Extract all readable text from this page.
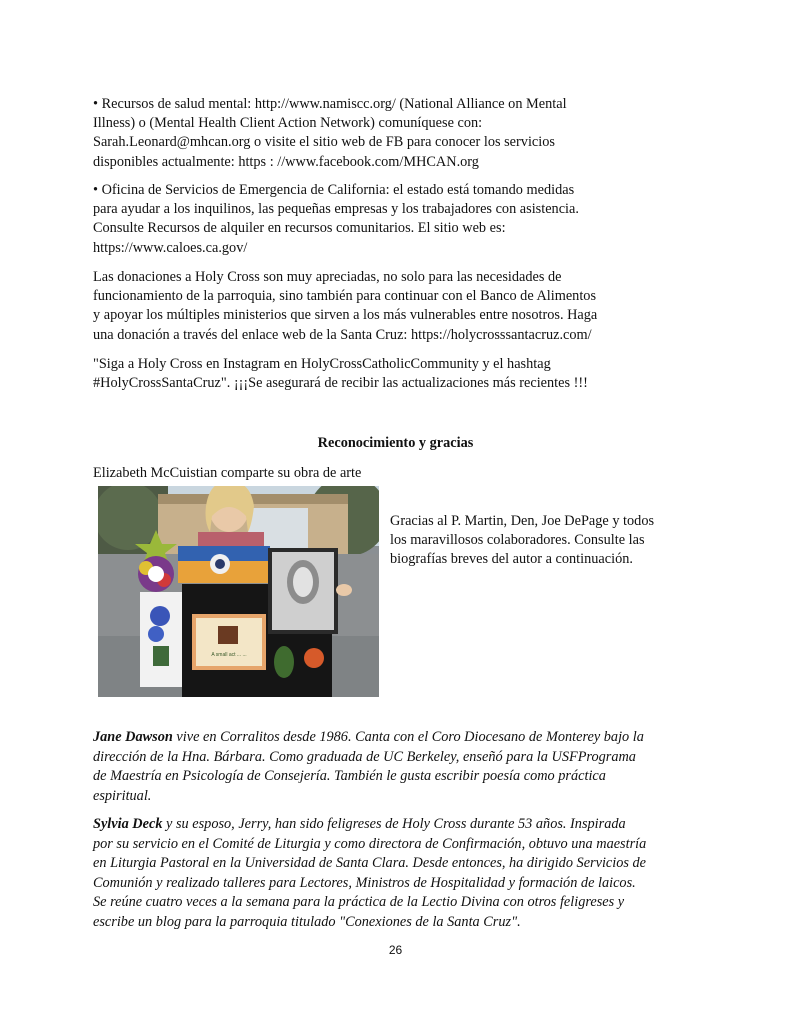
• Recursos de salud mental: http://www.namiscc.org/ (National Alliance on Mental

Illness) o (Mental Health Client Action Network) comuníquese con:

Sarah.Leonard@mhcan.org o visite el sitio web de FB para conocer los servicios

disponibles actualmente: https : //www.facebook.com/MHCAN.org

• Oficina de Servicios de Emergencia de California: el estado está tomando medidas

para ayudar a los inquilinos, las pequeñas empresas y los trabajadores con asistencia.

Consulte Recursos de alquiler en recursos comunitarios. El sitio web es:

https://www.caloes.ca.gov/

Las donaciones a Holy Cross son muy apreciadas, no solo para las necesidades de

funcionamiento de la parroquia, sino también para continuar con el Banco de Alimentos

y apoyar los múltiples ministerios que sirven a los más vulnerables entre nosotros. Haga

una donación a través del enlace web de la Santa Cruz: https://holycrosssantacruz.com/

"Siga a Holy Cross en Instagram en HolyCrossCatholicCommunity y el hashtag

#HolyCrossSantaCruz". ¡¡¡Se asegurará de recibir las actualizaciones más recientes !!!

Reconocimiento y gracias
Elizabeth McCuistian comparte su obra de arte
A small act ... ...

Gracias al P. Martin, Den, Joe DePage y todos

los maravillosos colaboradores. Consulte las

biografías breves del autor a continuación.

Jane Dawson vive en Corralitos desde 1986. Canta con el Coro Diocesano de Monterey bajo la
dirección de la Hna. Bárbara. Como graduada de UC Berkeley, enseñó para la USFPrograma
de Maestría en Psicología de Consejería. También le gusta escribir poesía como práctica
espiritual.
Sylvia Deck y su esposo, Jerry, han sido feligreses de Holy Cross durante 53 años. Inspirada
por su servicio en el Comité de Liturgia y como directora de Confirmación, obtuvo una maestría
en Liturgia Pastoral en la Universidad de Santa Clara. Desde entonces, ha dirigido Servicios de
Comunión y realizado talleres para Lectores, Ministros de Hospitalidad y formación de laicos.
Se reúne cuatro veces a la semana para la práctica de la Lectio Divina con otros feligreses y
escribe un blog para la parroquia titulado "Conexiones de la Santa Cruz".
26
